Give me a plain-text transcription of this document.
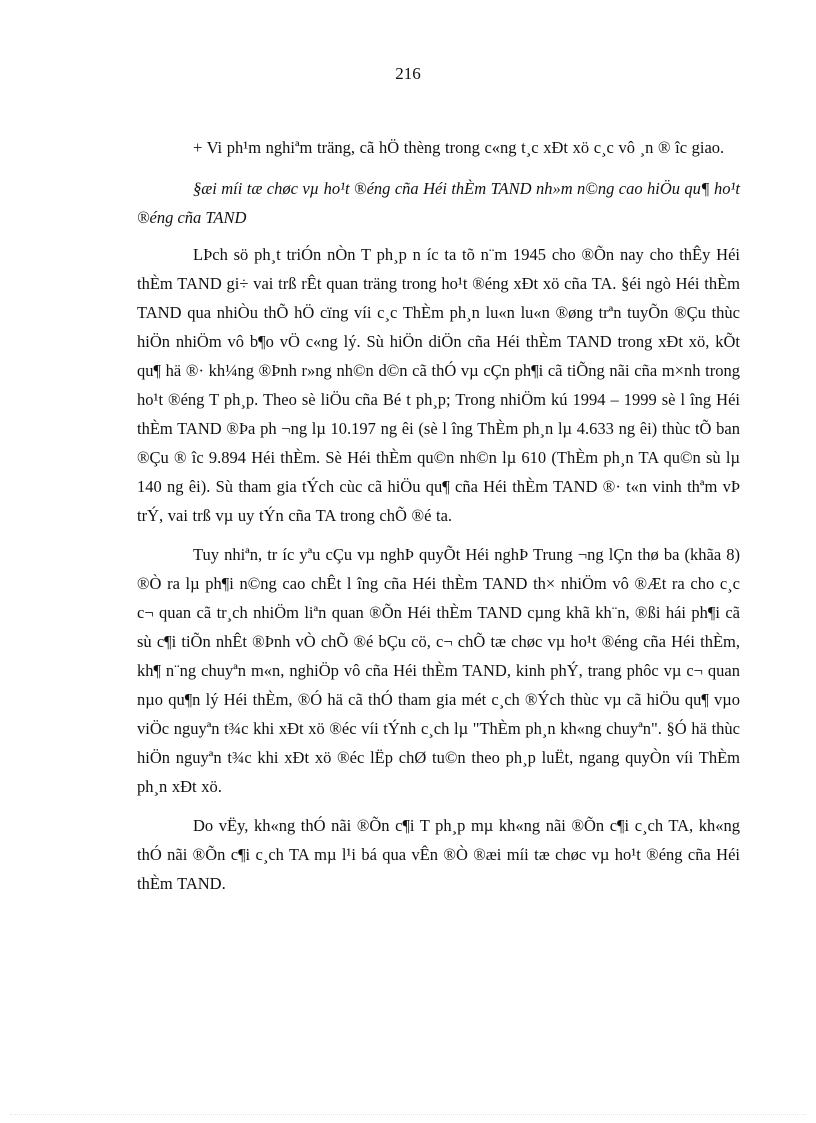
216

+ Vi ph¹m nghiªm träng, cã hÖ thèng trong c«ng t¸c xÐt xö c¸c vô ¸n ® îc giao.

§æi míi tæ chøc vµ ho¹t ®éng cña Héi thÈm TAND nh»m n©ng cao hiÖu qu¶ ho¹t ®éng cña TAND

LÞch sö ph¸t triÓn nÒn T ph¸p n íc ta tõ n¨m 1945 cho ®Õn nay cho thÊy Héi thÈm TAND gi÷ vai trß rÊt quan träng trong ho¹t ®éng xÐt xö cña TA. §éi ngò Héi thÈm TAND qua nhiÒu thÕ hÖ cïng víi c¸c ThÈm ph¸n lu«n lu«n ®øng trªn tuyÕn ®Çu thùc hiÖn nhiÖm vô b¶o vÖ c«ng lý. Sù hiÖn diÖn cña Héi thÈm TAND trong xÐt xö, kÕt qu¶ hä ®· kh¼ng ®Þnh r»ng nh©n d©n cã thÓ vµ cÇn ph¶i cã tiÕng nãi cña m×nh trong ho¹t ®éng T ph¸p. Theo sè liÖu cña Bé t ph¸p; Trong nhiÖm kú 1994 – 1999 sè l îng Héi thÈm TAND ®Þa ph ¬ng lµ 10.197 ng êi (sè l îng ThÈm ph¸n lµ 4.633 ng êi) thùc tÕ ban ®Çu ® îc 9.894 Héi thÈm. Sè Héi thÈm qu©n nh©n lµ 610 (ThÈm ph¸n TA qu©n sù lµ 140 ng êi). Sù tham gia tÝch cùc cã hiÖu qu¶ cña Héi thÈm TAND ®· t«n vinh thªm vÞ trÝ, vai trß vµ uy tÝn cña TA trong chÕ ®é ta.

Tuy nhiªn, tr íc yªu cÇu vµ nghÞ quyÕt Héi nghÞ Trung ¬ng lÇn thø ba (khãa 8) ®Ò ra lµ ph¶i n©ng cao chÊt l îng cña Héi thÈm TAND th× nhiÖm vô ®Æt ra cho c¸c c¬ quan cã tr¸ch nhiÖm liªn quan ®Õn Héi thÈm TAND cµng khã kh¨n, ®ßi hái ph¶i cã sù c¶i tiÕn nhÊt ®Þnh vÒ chÕ ®é bÇu cö, c¬ chÕ tæ chøc vµ ho¹t ®éng cña Héi thÈm, kh¶ n¨ng chuyªn m«n, nghiÖp vô cña Héi thÈm TAND, kinh phÝ, trang phôc vµ c¬ quan nµo qu¶n lý Héi thÈm, ®Ó hä cã thÓ tham gia mét c¸ch ®Ých thùc vµ cã hiÖu qu¶ vµo viÖc nguyªn t¾c khi xÐt xö ®éc víi tÝnh c¸ch lµ "ThÈm ph¸n kh«ng chuyªn". §Ó hä thùc hiÖn nguyªn t¾c khi xÐt xö ®éc lËp chØ tu©n theo ph¸p luËt, ngang quyÒn víi ThÈm ph¸n xÐt xö.

Do vËy, kh«ng thÓ nãi ®Õn c¶i T ph¸p mµ kh«ng nãi ®Õn c¶i c¸ch TA, kh«ng thÓ nãi ®Õn c¶i c¸ch TA mµ l¹i bá qua vÊn ®Ò ®æi míi tæ chøc vµ ho¹t ®éng cña Héi thÈm TAND.
